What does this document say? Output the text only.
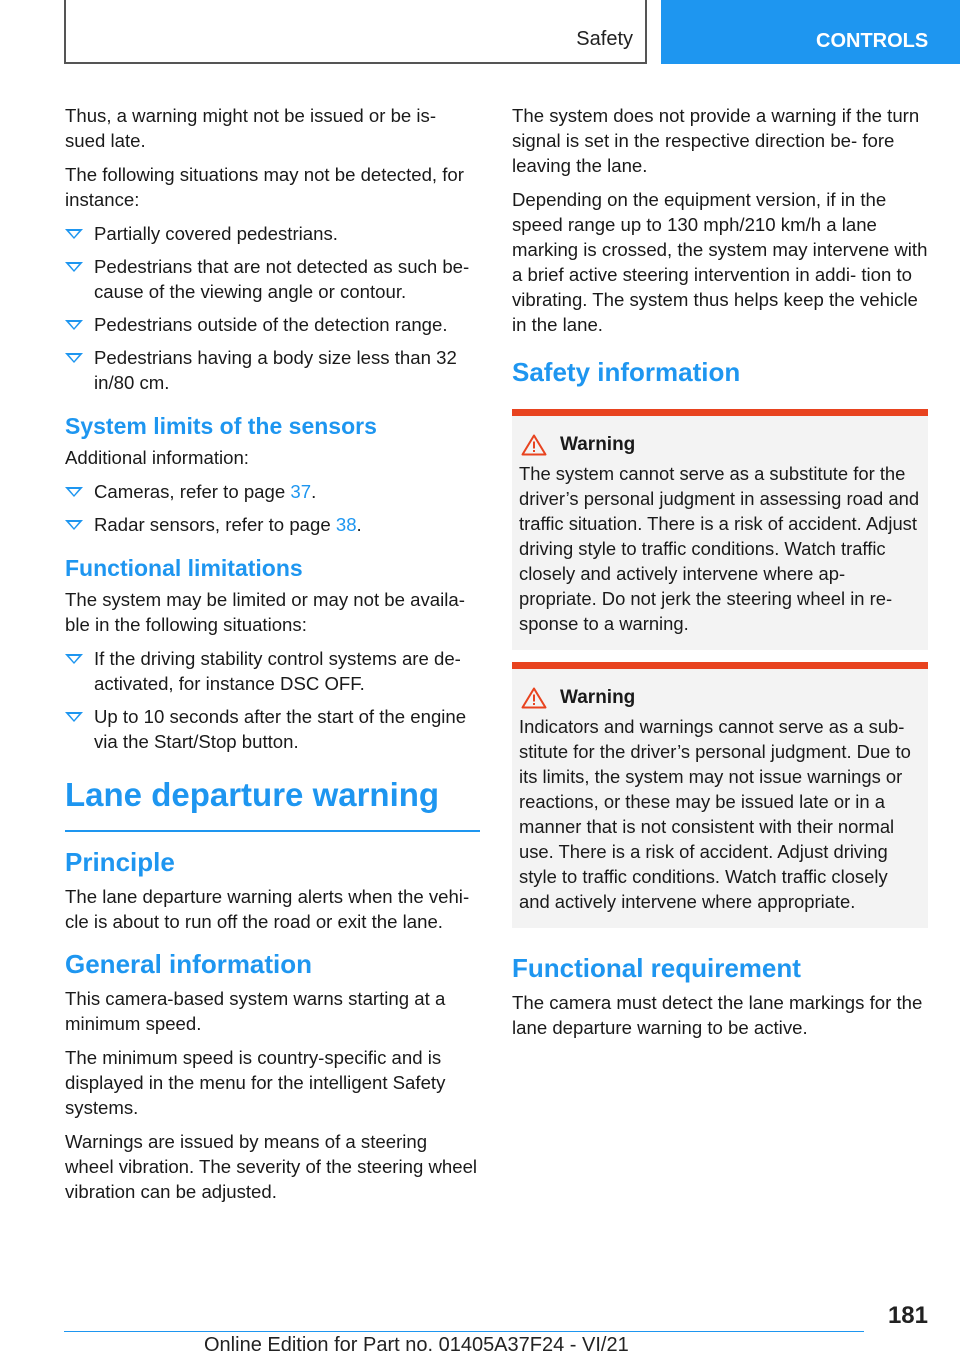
Safety	CONTROLS

Thus, a warning might not be issued or be is- sued late.

The following situations may not be detected, for instance:

Partially covered pedestrians.
Pedestrians that are not detected as such be- cause of the viewing angle or contour.
Pedestrians outside of the detection range.
Pedestrians having a body size less than 32 in/80 cm.
System limits of the sensors

Additional information:

Cameras, refer to page 37.
Radar sensors, refer to page 38.
Functional limitations

The system may be limited or may not be availa- ble in the following situations:

If the driving stability control systems are de- activated, for instance DSC OFF.
Up to 10 seconds after the start of the engine via the Start/Stop button.
Lane departure warning
Principle

The lane departure warning alerts when the vehi- cle is about to run off the road or exit the lane.

General information

This camera-based system warns starting at a minimum speed.

The minimum speed is country-specific and is displayed in the menu for the intelligent Safety systems.

Warnings are issued by means of a steering wheel vibration. The severity of the steering wheel vibration can be adjusted.

The system does not provide a warning if the turn signal is set in the respective direction be- fore leaving the lane.

Depending on the equipment version, if in the speed range up to 130 mph/210 km/h a lane marking is crossed, the system may intervene with a brief active steering intervention in addi- tion to vibrating. The system thus helps keep the vehicle in the lane.

Safety information
Warning

The system cannot serve as a substitute for the driver’s personal judgment in assessing road and traffic situation. There is a risk of accident. Adjust driving style to traffic conditions. Watch traffic closely and actively intervene where ap- propriate. Do not jerk the steering wheel in re- sponse to a warning.

Warning

Indicators and warnings cannot serve as a sub- stitute for the driver’s personal judgment. Due to its limits, the system may not issue warnings or reactions, or these may be issued late or in a manner that is not consistent with their normal use. There is a risk of accident. Adjust driving style to traffic conditions. Watch traffic closely and actively intervene where appropriate.

Functional requirement

The camera must detect the lane markings for the lane departure warning to be active.

181
Online Edition for Part no. 01405A37F24 - VI/21
